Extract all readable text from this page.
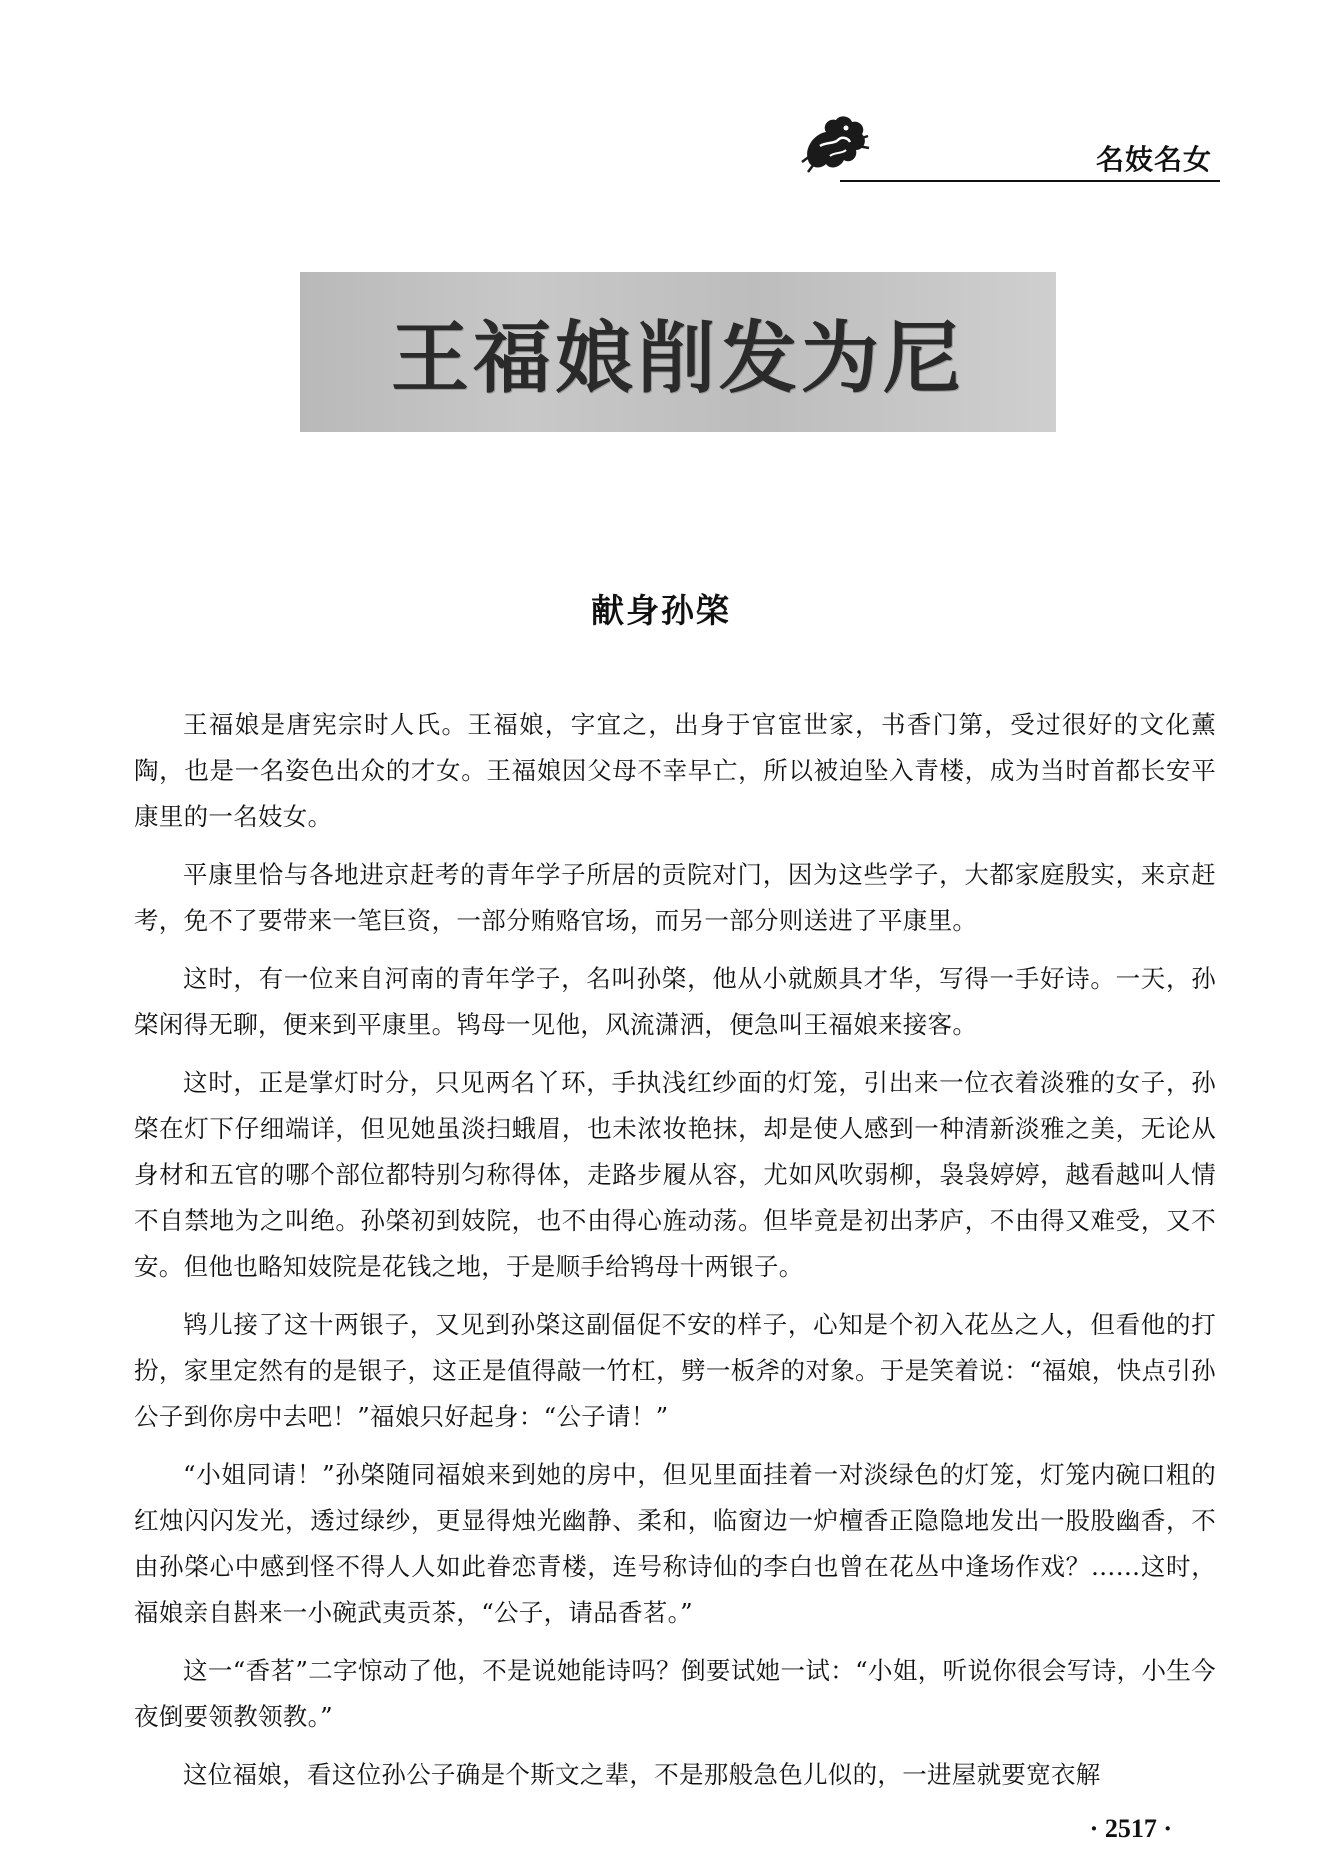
名妓名女
王福娘削发为尼
献身孙棨

王福娘是唐宪宗时人氏。王福娘，字宜之，出身于官宦世家，书香门第，受过很好的文化薰陶，也是一名姿色出众的才女。王福娘因父母不幸早亡，所以被迫坠入青楼，成为当时首都长安平康里的一名妓女。

平康里恰与各地进京赶考的青年学子所居的贡院对门，因为这些学子，大都家庭殷实，来京赶考，免不了要带来一笔巨资，一部分贿赂官场，而另一部分则送进了平康里。

这时，有一位来自河南的青年学子，名叫孙棨，他从小就颇具才华，写得一手好诗。一天，孙棨闲得无聊，便来到平康里。鸨母一见他，风流潇洒，便急叫王福娘来接客。

这时，正是掌灯时分，只见两名丫环，手执浅红纱面的灯笼，引出来一位衣着淡雅的女子，孙棨在灯下仔细端详，但见她虽淡扫蛾眉，也未浓妆艳抹，却是使人感到一种清新淡雅之美，无论从身材和五官的哪个部位都特别匀称得体，走路步履从容，尤如风吹弱柳，袅袅婷婷，越看越叫人情不自禁地为之叫绝。孙棨初到妓院，也不由得心旌动荡。但毕竟是初出茅庐，不由得又难受，又不安。但他也略知妓院是花钱之地，于是顺手给鸨母十两银子。

鸨儿接了这十两银子，又见到孙棨这副偪促不安的样子，心知是个初入花丛之人，但看他的打扮，家里定然有的是银子，这正是值得敲一竹杠，劈一板斧的对象。于是笑着说：“福娘，快点引孙公子到你房中去吧！”福娘只好起身：“公子请！”

“小姐同请！”孙棨随同福娘来到她的房中，但见里面挂着一对淡绿色的灯笼，灯笼内碗口粗的红烛闪闪发光，透过绿纱，更显得烛光幽静、柔和，临窗边一炉檀香正隐隐地发出一股股幽香，不由孙棨心中感到怪不得人人如此眷恋青楼，连号称诗仙的李白也曾在花丛中逢场作戏？……这时，福娘亲自斟来一小碗武夷贡茶，“公子，请品香茗。”

这一“香茗”二字惊动了他，不是说她能诗吗？倒要试她一试：“小姐，听说你很会写诗，小生今夜倒要领教领教。”

这位福娘，看这位孙公子确是个斯文之辈，不是那般急色儿似的，一进屋就要宽衣解

· 2517 ·
